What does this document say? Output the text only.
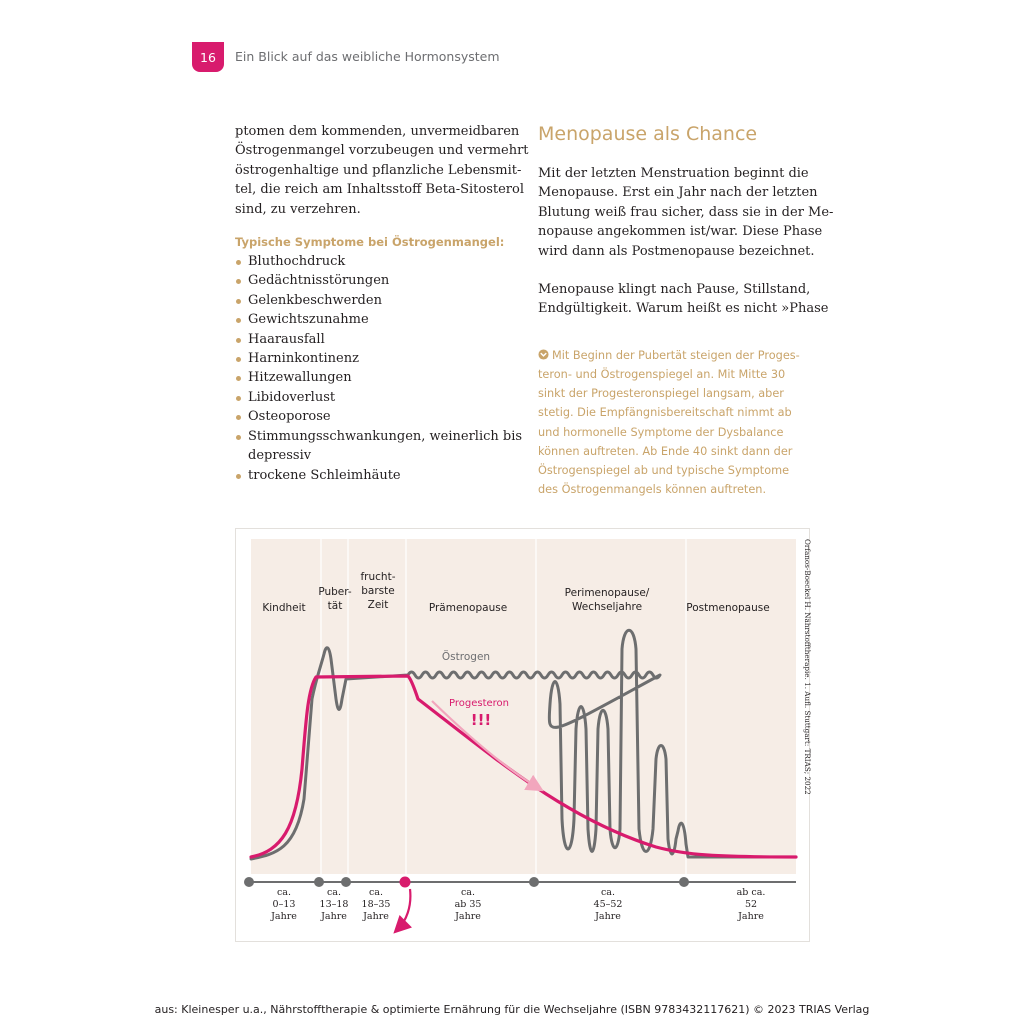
16 Ein Blick auf das weibliche Hormonsystem

ptomen dem kommenden, unvermeidbaren
Östrogenmangel vorzubeugen und vermehrt
östrogenhaltige und pflanzliche Lebensmit-
tel, die reich am Inhaltsstoff Beta-Sitosterol
sind, zu verzehren.

Typische Symptome bei Östrogenmangel:
Bluthochdruck
Gedächtnisstörungen
Gelenkbeschwerden
Gewichtszunahme
Haarausfall
Harninkontinenz
Hitzewallungen
Libidoverlust
Osteoporose
Stimmungsschwankungen, weinerlich bis
depressiv
trockene Schleimhäute
Menopause als Chance

Mit der letzten Menstruation beginnt die
Menopause. Erst ein Jahr nach der letzten
Blutung weiß frau sicher, dass sie in der Me-
nopause angekommen ist/war. Diese Phase
wird dann als Postmenopause bezeichnet.

Menopause klingt nach Pause, Stillstand,
Endgültigkeit. Warum heißt es nicht »Phase

Mit Beginn der Pubertät steigen der Proges-
teron- und Östrogenspiegel an. Mit Mitte 30
sinkt der Progesteronspiegel langsam, aber
stetig. Die Empfängnisbereitschaft nimmt ab
und hormonelle Symptome der Dysbalance
können auftreten. Ab Ende 40 sinkt dann der
Östrogenspiegel ab und typische Symptome
des Östrogenmangels können auftreten.
Kindheit
Puber-tät
frucht-barste Zeit	Prämenopause
Perimenopause/ Wechseljahre	Postmenopause
Östrogen
Progesteron
!!!
ca. 0–13 Jahre
ca. 13–18 Jahre
ca. 18–35 Jahre
ca. ab 35 Jahre
ca. 45–52 Jahre
ab ca. 52 Jahre
Orfanos-Boeckel H. Nährstofftherapie. 1. Aufl. Stuttgart: TRIAS; 2022
aus: Kleinesper u.a., Nährstofftherapie & optimierte Ernährung für die Wechseljahre (ISBN 9783432117621) © 2023 TRIAS Verlag
